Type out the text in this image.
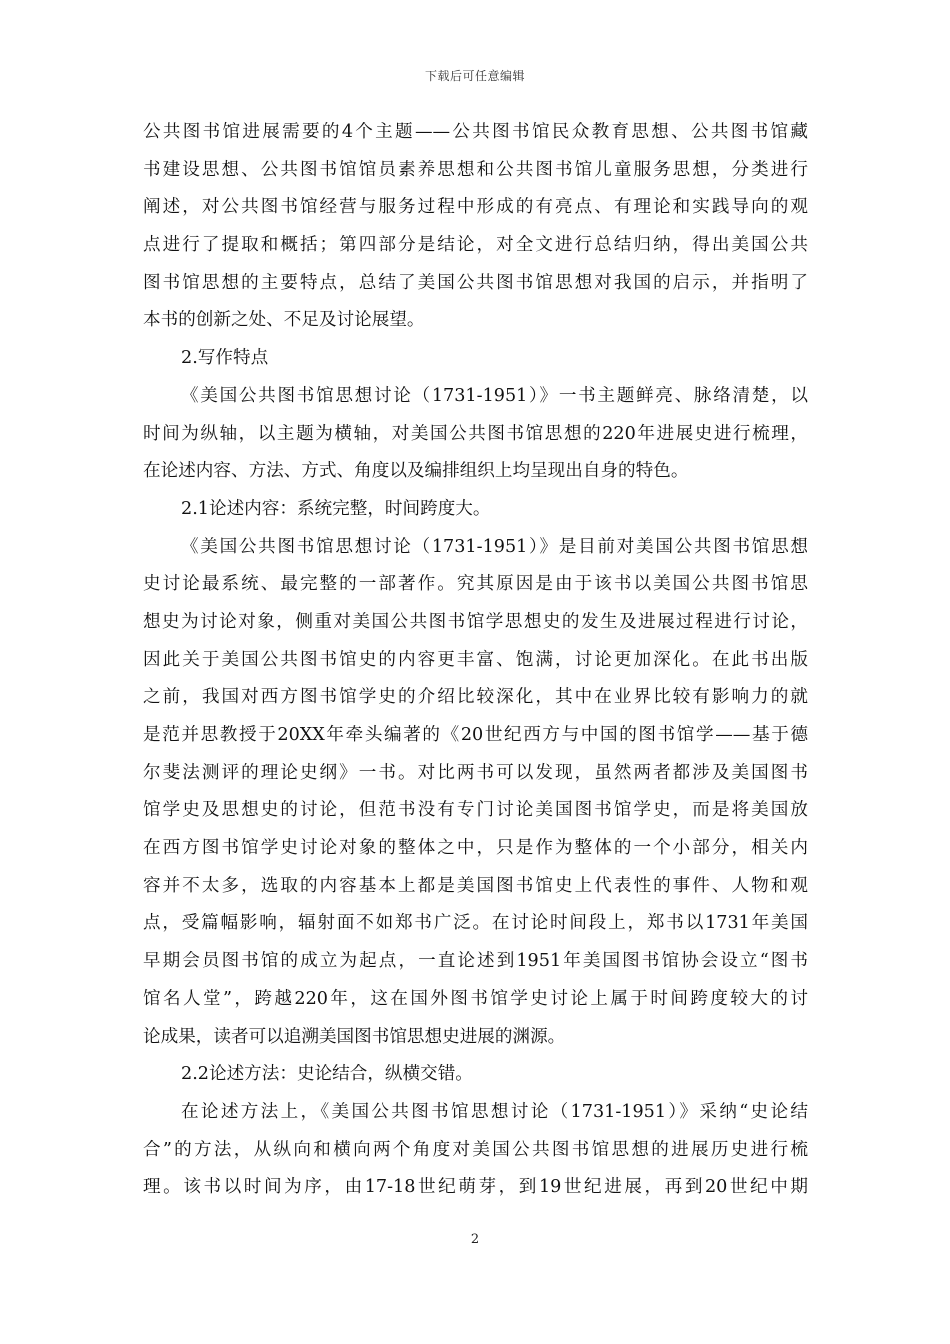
下载后可任意编辑
公共图书馆进展需要的4个主题——公共图书馆民众教育思想、公共图书馆藏
书建设思想、公共图书馆馆员素养思想和公共图书馆儿童服务思想，分类进行
阐述，对公共图书馆经营与服务过程中形成的有亮点、有理论和实践导向的观
点进行了提取和概括；第四部分是结论，对全文进行总结归纳，得出美国公共
图书馆思想的主要特点，总结了美国公共图书馆思想对我国的启示，并指明了
本书的创新之处、不足及讨论展望。
2.写作特点
《美国公共图书馆思想讨论（1731-1951）》一书主题鲜亮、脉络清楚，以
时间为纵轴，以主题为横轴，对美国公共图书馆思想的220年进展史进行梳理，
在论述内容、方法、方式、角度以及编排组织上均呈现出自身的特色。
2.1论述内容：系统完整，时间跨度大。
《美国公共图书馆思想讨论（1731-1951）》是目前对美国公共图书馆思想
史讨论最系统、最完整的一部著作。究其原因是由于该书以美国公共图书馆思
想史为讨论对象，侧重对美国公共图书馆学思想史的发生及进展过程进行讨论，
因此关于美国公共图书馆史的内容更丰富、饱满，讨论更加深化。在此书出版
之前，我国对西方图书馆学史的介绍比较深化，其中在业界比较有影响力的就
是范并思教授于20XX年牵头编著的《20世纪西方与中国的图书馆学——基于德
尔斐法测评的理论史纲》一书。对比两书可以发现，虽然两者都涉及美国图书
馆学史及思想史的讨论，但范书没有专门讨论美国图书馆学史，而是将美国放
在西方图书馆学史讨论对象的整体之中，只是作为整体的一个小部分，相关内
容并不太多，选取的内容基本上都是美国图书馆史上代表性的事件、人物和观
点，受篇幅影响，辐射面不如郑书广泛。在讨论时间段上，郑书以1731年美国
早期会员图书馆的成立为起点，一直论述到1951年美国图书馆协会设立“图书
馆名人堂”，跨越220年，这在国外图书馆学史讨论上属于时间跨度较大的讨
论成果，读者可以追溯美国图书馆思想史进展的渊源。
2.2论述方法：史论结合，纵横交错。
在论述方法上，《美国公共图书馆思想讨论（1731-1951）》采纳“史论结
合”的方法，从纵向和横向两个角度对美国公共图书馆思想的进展历史进行梳
理。该书以时间为序，由17-18世纪萌芽，到19世纪进展，再到20世纪中期
2
